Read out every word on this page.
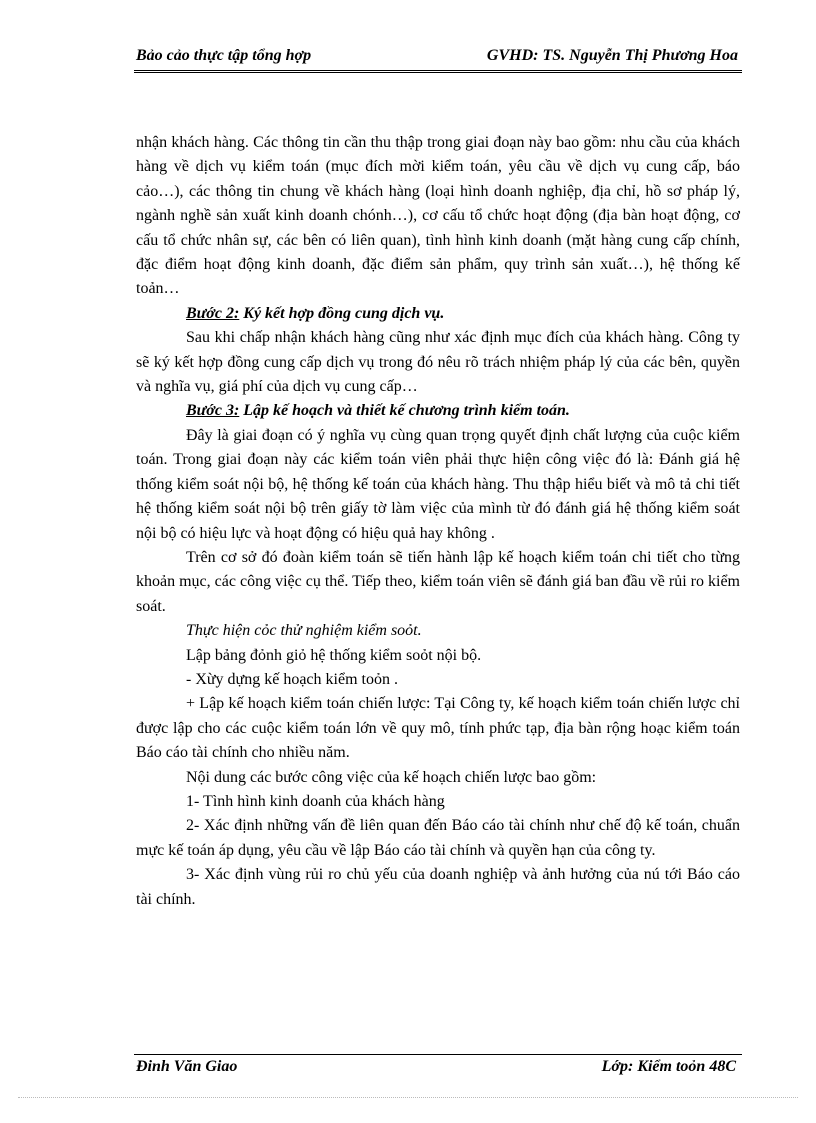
Bảo cảo thực tập tổng hợp	GVHD: TS. Nguyễn Thị Phương Hoa

nhận khách hàng. Các thông tin cần thu thập trong giai đoạn này bao gồm: nhu cầu của khách hàng về dịch vụ kiểm toán (mục đích mời kiểm toán, yêu cầu về dịch vụ cung cấp, báo cảo…), các thông tin chung về khách hàng (loại hình doanh nghiệp, địa chỉ, hồ sơ pháp lý, ngành nghề sản xuất kinh doanh chónh…), cơ cấu tổ chức hoạt động (địa bàn hoạt động, cơ cấu tổ chức nhân sự, các bên có liên quan), tình hình kinh doanh (mặt hàng cung cấp chính, đặc điểm hoạt động kinh doanh, đặc điểm sản phẩm, quy trình sản xuất…), hệ thống kế toản…

Bước 2: Ký kết hợp đồng cung dịch vụ.

Sau khi chấp nhận khách hàng cũng như xác định mục đích của khách hàng. Công ty sẽ ký kết hợp đồng cung cấp dịch vụ trong đó nêu rõ trách nhiệm pháp lý của các bên, quyền và nghĩa vụ, giá phí của dịch vụ cung cấp…

Bước 3: Lập kế hoạch và thiết kế chương trình kiểm toán.

Đây là giai đoạn có ý nghĩa vụ cùng quan trọng quyết định chất lượng của cuộc kiểm toán. Trong giai đoạn này các kiểm toán viên phải thực hiện công việc đó là: Đánh giá hệ thống kiểm soát nội bộ, hệ thống kế toán của khách hàng. Thu thập hiểu biết và mô tả chi tiết hệ thống kiểm soát nội bộ trên giấy tờ làm việc của mình từ đó đánh giá hệ thống kiểm soát nội bộ có hiệu lực và hoạt động có hiệu quả hay không .

Trên cơ sở đó đoàn kiểm toán sẽ tiến hành lập kế hoạch kiểm toán chi tiết cho từng khoản mục, các công việc cụ thể. Tiếp theo, kiểm toán viên sẽ đánh giá ban đầu về rủi ro kiểm soát.

Thực hiện cỏc thử nghiệm kiểm soỏt.

Lập bảng đỏnh giỏ hệ thống kiểm soỏt nội bộ.

- Xừy dựng kế hoạch kiểm toỏn .

+ Lập kế hoạch kiểm toán chiến lược: Tại Công ty, kế hoạch kiểm toán chiến lược chỉ được lập cho các cuộc kiểm toán lớn về quy mô, tính phức tạp, địa bàn rộng hoạc kiểm toán Báo cáo tài chính cho nhiều năm.

Nội dung các bước công việc của kế hoạch chiến lược bao gồm:

1- Tình hình kinh doanh của khách hàng

2- Xác định những vấn đề liên quan đến Báo cáo tài chính như chế độ kế toán, chuẩn mực kế toán áp dụng, yêu cầu về lập Báo cáo tài chính và quyền hạn của công ty.

3- Xác định vùng rủi ro chủ yếu của doanh nghiệp và ảnh hưởng của nú tới Báo cáo tài chính.

Đinh Văn Giao	Lớp: Kiểm toỏn 48C
